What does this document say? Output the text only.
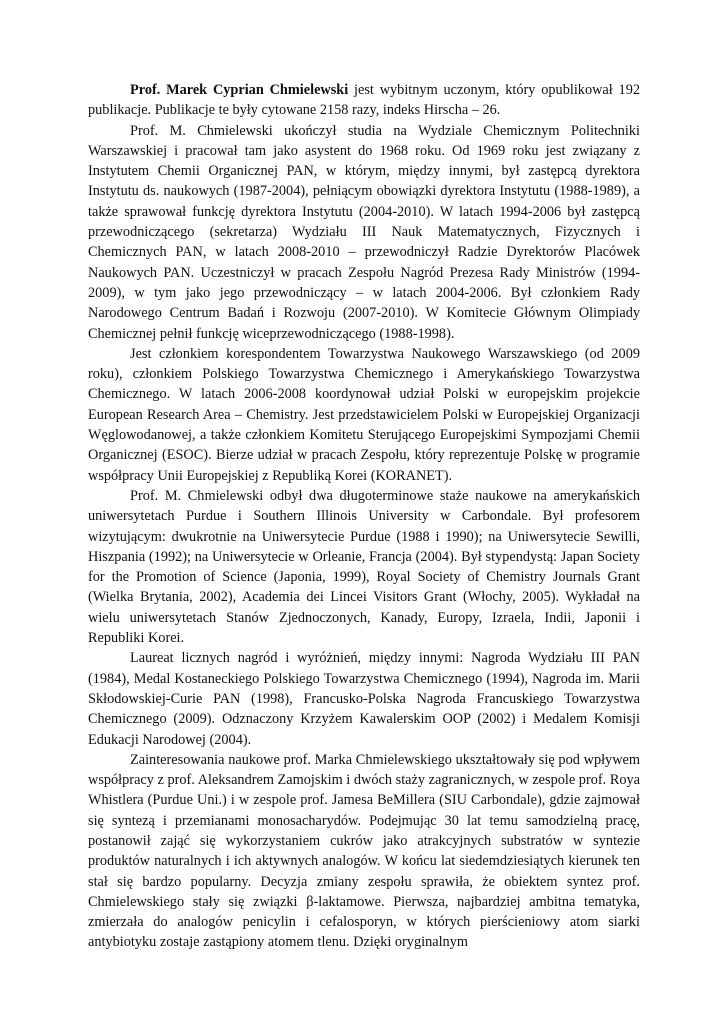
Prof. Marek Cyprian Chmielewski jest wybitnym uczonym, który opublikował 192 publikacje. Publikacje te były cytowane 2158 razy, indeks Hirscha – 26.

Prof. M. Chmielewski ukończył studia na Wydziale Chemicznym Politechniki Warszawskiej i pracował tam jako asystent do 1968 roku. Od 1969 roku jest związany z Instytutem Chemii Organicznej PAN, w którym, między innymi, był zastępcą dyrektora Instytutu ds. naukowych (1987-2004), pełniącym obowiązki dyrektora Instytutu (1988-1989), a także sprawował funkcję dyrektora Instytutu (2004-2010). W latach 1994-2006 był zastępcą przewodniczącego (sekretarza) Wydziału III Nauk Matematycznych, Fizycznych i Chemicznych PAN, w latach 2008-2010 – przewodniczył Radzie Dyrektorów Placówek Naukowych PAN. Uczestniczył w pracach Zespołu Nagród Prezesa Rady Ministrów (1994-2009), w tym jako jego przewodniczący – w latach 2004-2006. Był członkiem Rady Narodowego Centrum Badań i Rozwoju (2007-2010). W Komitecie Głównym Olimpiady Chemicznej pełnił funkcję wiceprzewodniczącego (1988-1998).

Jest członkiem korespondentem Towarzystwa Naukowego Warszawskiego (od 2009 roku), członkiem Polskiego Towarzystwa Chemicznego i Amerykańskiego Towarzystwa Chemicznego. W latach 2006-2008 koordynował udział Polski w europejskim projekcie European Research Area – Chemistry. Jest przedstawicielem Polski w Europejskiej Organizacji Węglowodanowej, a także członkiem Komitetu Sterującego Europejskimi Sympozjami Chemii Organicznej (ESOC). Bierze udział w pracach Zespołu, który reprezentuje Polskę w programie współpracy Unii Europejskiej z Republiką Korei (KORANET).

Prof. M. Chmielewski odbył dwa długoterminowe staże naukowe na amerykańskich uniwersytetach Purdue i Southern Illinois University w Carbondale. Był profesorem wizytującym: dwukrotnie na Uniwersytecie Purdue (1988 i 1990); na Uniwersytecie Sewilli, Hiszpania (1992); na Uniwersytecie w Orleanie, Francja (2004). Był stypendystą: Japan Society for the Promotion of Science (Japonia, 1999), Royal Society of Chemistry Journals Grant (Wielka Brytania, 2002), Academia dei Lincei Visitors Grant (Włochy, 2005). Wykładał na wielu uniwersytetach Stanów Zjednoczonych, Kanady, Europy, Izraela, Indii, Japonii i Republiki Korei.

Laureat licznych nagród i wyróżnień, między innymi: Nagroda Wydziału III PAN (1984), Medal Kostaneckiego Polskiego Towarzystwa Chemicznego (1994), Nagroda im. Marii Skłodowskiej-Curie PAN (1998), Francusko-Polska Nagroda Francuskiego Towarzystwa Chemicznego (2009). Odznaczony Krzyżem Kawalerskim OOP (2002) i Medalem Komisji Edukacji Narodowej (2004).

Zainteresowania naukowe prof. Marka Chmielewskiego ukształtowały się pod wpływem współpracy z prof. Aleksandrem Zamojskim i dwóch staży zagranicznych, w zespole prof. Roya Whistlera (Purdue Uni.) i w zespole prof. Jamesa BeMillera (SIU Carbondale), gdzie zajmował się syntezą i przemianami monosacharydów. Podejmując 30 lat temu samodzielną pracę, postanowił zająć się wykorzystaniem cukrów jako atrakcyjnych substratów w syntezie produktów naturalnych i ich aktywnych analogów. W końcu lat siedemdziesiątych kierunek ten stał się bardzo popularny. Decyzja zmiany zespołu sprawiła, że obiektem syntez prof. Chmielewskiego stały się związki β-laktamowe. Pierwsza, najbardziej ambitna tematyka, zmierzała do analogów penicylin i cefalosporyn, w których pierścieniowy atom siarki antybiotyku zostaje zastąpiony atomem tlenu. Dzięki oryginalnym
